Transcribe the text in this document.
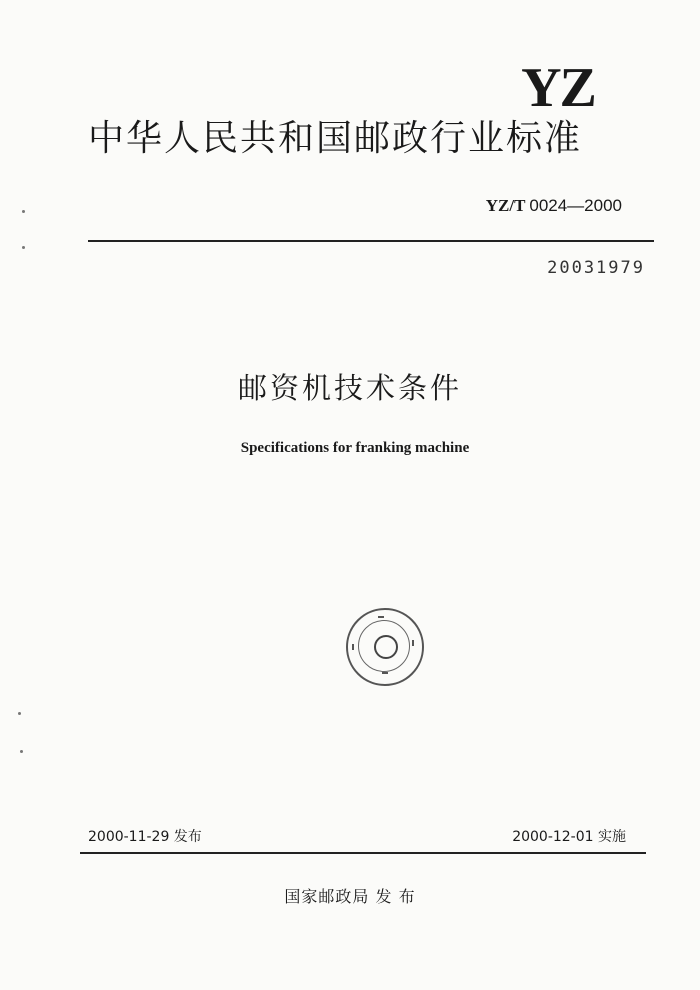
YZ
中华人民共和国邮政行业标准
YZ/T 0024—2000
20031979
邮资机技术条件
Specifications for franking machine
2000-11-29 发布	2000-12-01 实施
国家邮政局 发 布
